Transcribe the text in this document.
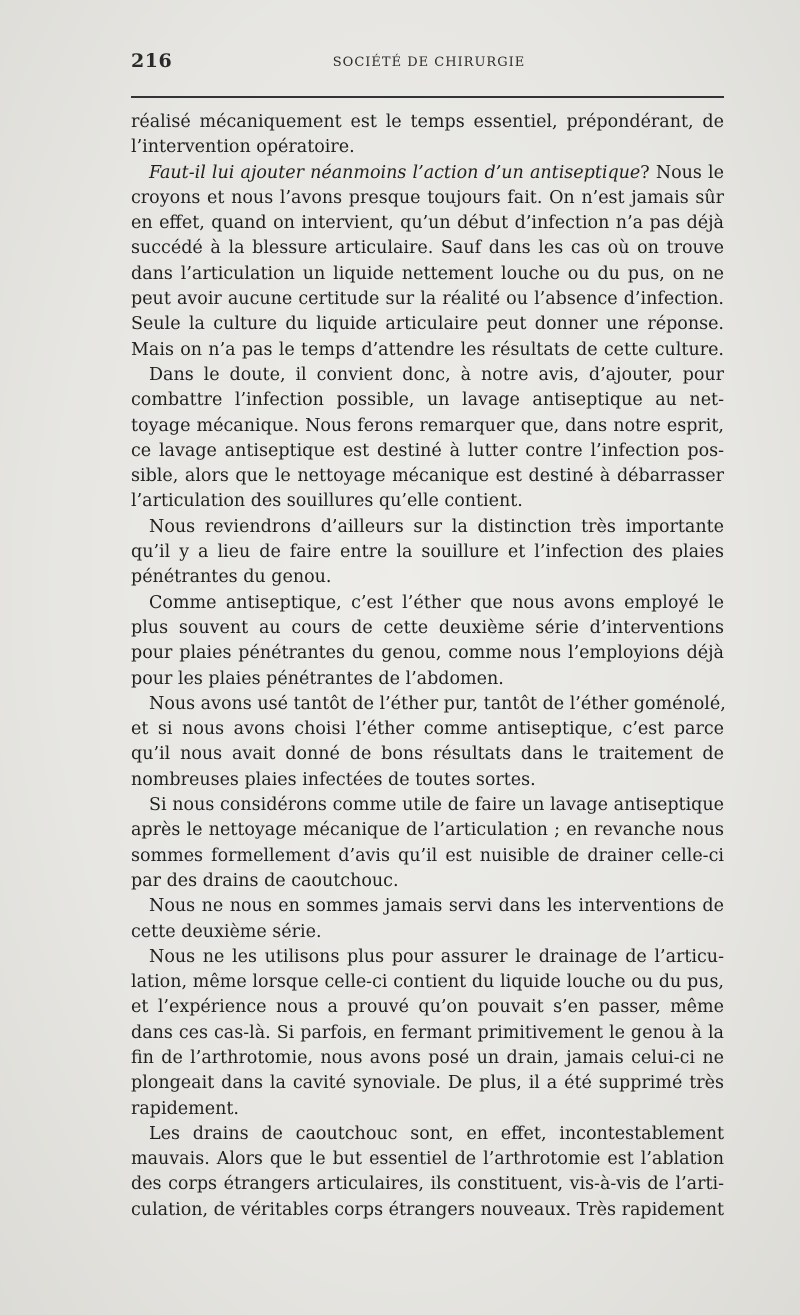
216	SOCIÉTÉ DE CHIRURGIE
réalisé mécaniquement est le temps essentiel, prépondérant, de
l’intervention opératoire.
Faut-il lui ajouter néanmoins l’action d’un antiseptique? Nous le
croyons et nous l’avons presque toujours fait. On n’est jamais sûr
en effet, quand on intervient, qu’un début d’infection n’a pas déjà
succédé à la blessure articulaire. Sauf dans les cas où on trouve
dans l’articulation un liquide nettement louche ou du pus, on ne
peut avoir aucune certitude sur la réalité ou l’absence d’infection.
Seule la culture du liquide articulaire peut donner une réponse.
Mais on n’a pas le temps d’attendre les résultats de cette culture.
Dans le doute, il convient donc, à notre avis, d’ajouter, pour
combattre l’infection possible, un lavage antiseptique au net-
toyage mécanique. Nous ferons remarquer que, dans notre esprit,
ce lavage antiseptique est destiné à lutter contre l’infection pos-
sible, alors que le nettoyage mécanique est destiné à débarrasser
l’articulation des souillures qu’elle contient.
Nous reviendrons d’ailleurs sur la distinction très importante
qu’il y a lieu de faire entre la souillure et l’infection des plaies
pénétrantes du genou.
Comme antiseptique, c’est l’éther que nous avons employé le
plus souvent au cours de cette deuxième série d’interventions
pour plaies pénétrantes du genou, comme nous l’employions déjà
pour les plaies pénétrantes de l’abdomen.
Nous avons usé tantôt de l’éther pur, tantôt de l’éther goménolé,
et si nous avons choisi l’éther comme antiseptique, c’est parce
qu’il nous avait donné de bons résultats dans le traitement de
nombreuses plaies infectées de toutes sortes.
Si nous considérons comme utile de faire un lavage antiseptique
après le nettoyage mécanique de l’articulation ; en revanche nous
sommes formellement d’avis qu’il est nuisible de drainer celle-ci
par des drains de caoutchouc.
Nous ne nous en sommes jamais servi dans les interventions de
cette deuxième série.
Nous ne les utilisons plus pour assurer le drainage de l’articu-
lation, même lorsque celle-ci contient du liquide louche ou du pus,
et l’expérience nous a prouvé qu’on pouvait s’en passer, même
dans ces cas-là. Si parfois, en fermant primitivement le genou à la
fin de l’arthrotomie, nous avons posé un drain, jamais celui-ci ne
plongeait dans la cavité synoviale. De plus, il a été supprimé très
rapidement.
Les drains de caoutchouc sont, en effet, incontestablement
mauvais. Alors que le but essentiel de l’arthrotomie est l’ablation
des corps étrangers articulaires, ils constituent, vis-à-vis de l’arti-
culation, de véritables corps étrangers nouveaux. Très rapidement
